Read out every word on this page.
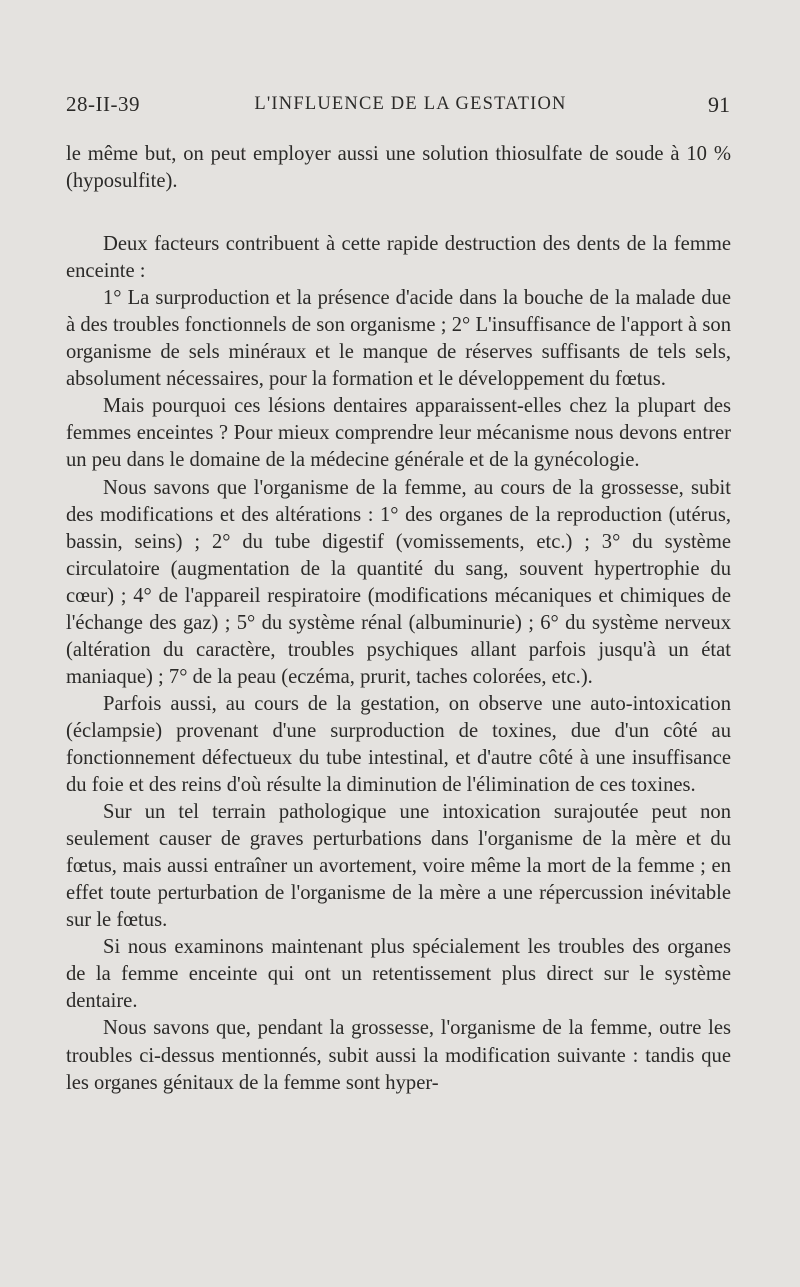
28-II-39	L'INFLUENCE DE LA GESTATION	91

le même but, on peut employer aussi une solution thiosulfate de soude à 10 % (hyposulfite).

Deux facteurs contribuent à cette rapide destruction des dents de la femme enceinte :

1° La surproduction et la présence d'acide dans la bouche de la malade due à des troubles fonctionnels de son organisme ; 2° L'insuffisance de l'apport à son organisme de sels minéraux et le manque de réserves suffisants de tels sels, absolument nécessaires, pour la formation et le développement du fœtus.

Mais pourquoi ces lésions dentaires apparaissent-elles chez la plupart des femmes enceintes ? Pour mieux comprendre leur mécanisme nous devons entrer un peu dans le domaine de la médecine générale et de la gynécologie.

Nous savons que l'organisme de la femme, au cours de la grossesse, subit des modifications et des altérations : 1° des organes de la reproduction (utérus, bassin, seins) ; 2° du tube digestif (vomissements, etc.) ; 3° du système circulatoire (augmentation de la quantité du sang, souvent hypertrophie du cœur) ; 4° de l'appareil respiratoire (modifications mécaniques et chimiques de l'échange des gaz) ; 5° du système rénal (albuminurie) ; 6° du système nerveux (altération du caractère, troubles psychiques allant parfois jusqu'à un état maniaque) ; 7° de la peau (eczéma, prurit, taches colorées, etc.).

Parfois aussi, au cours de la gestation, on observe une auto-intoxication (éclampsie) provenant d'une surproduction de toxines, due d'un côté au fonctionnement défectueux du tube intestinal, et d'autre côté à une insuffisance du foie et des reins d'où résulte la diminution de l'élimination de ces toxines.

Sur un tel terrain pathologique une intoxication surajoutée peut non seulement causer de graves perturbations dans l'organisme de la mère et du fœtus, mais aussi entraîner un avortement, voire même la mort de la femme ; en effet toute perturbation de l'organisme de la mère a une répercussion inévitable sur le fœtus.

Si nous examinons maintenant plus spécialement les troubles des organes de la femme enceinte qui ont un retentissement plus direct sur le système dentaire.

Nous savons que, pendant la grossesse, l'organisme de la femme, outre les troubles ci-dessus mentionnés, subit aussi la modification suivante : tandis que les organes génitaux de la femme sont hyper-
